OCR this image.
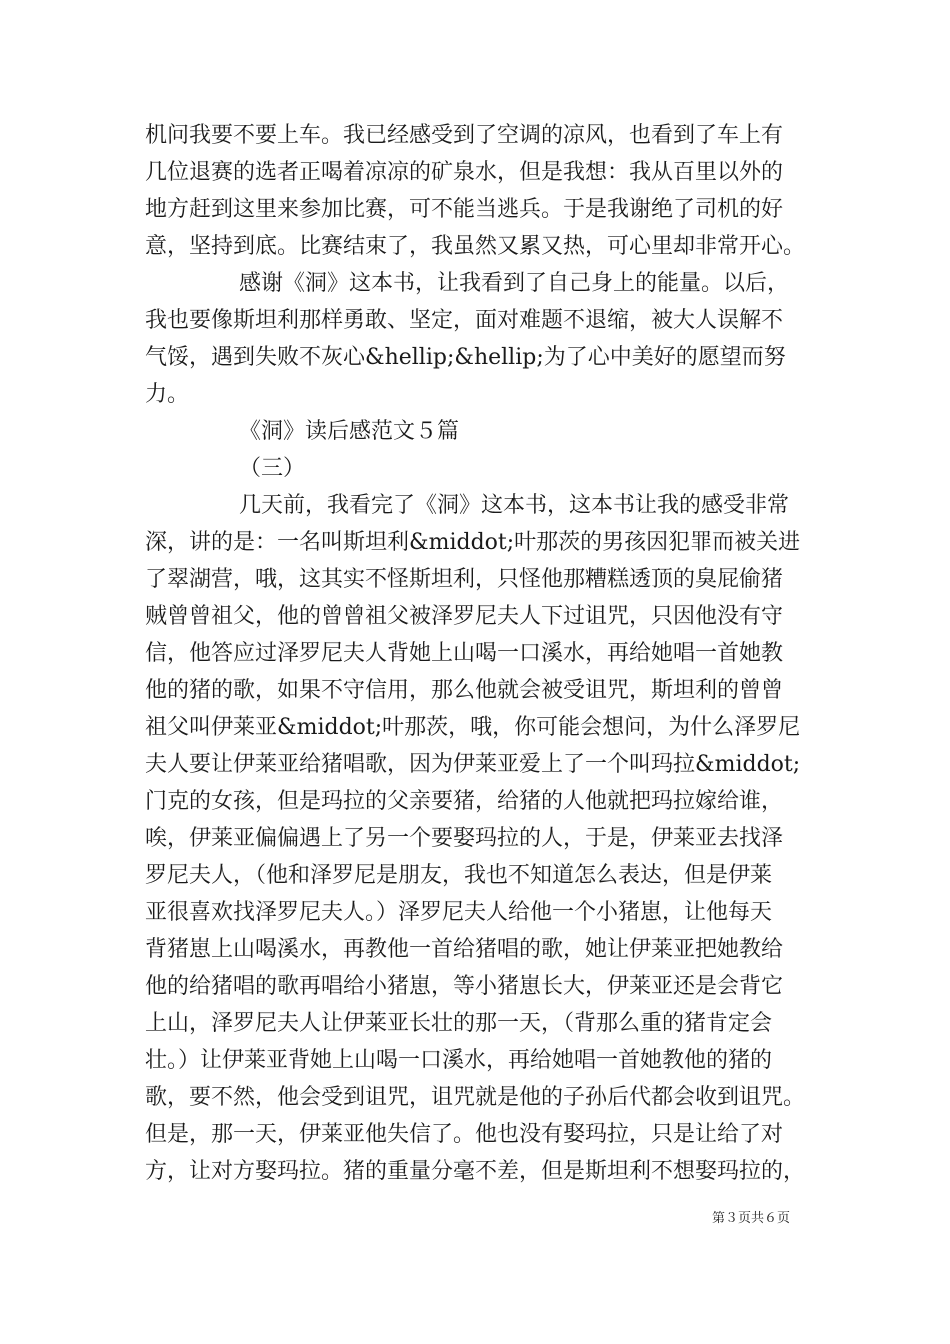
机问我要不要上车。我已经感受到了空调的凉风，也看到了车上有
几位退赛的选者正喝着凉凉的矿泉水，但是我想：我从百里以外的
地方赶到这里来参加比赛，可不能当逃兵。于是我谢绝了司机的好
意，坚持到底。比赛结束了，我虽然又累又热，可心里却非常开心。
感谢《洞》这本书，让我看到了自己身上的能量。以后，
我也要像斯坦利那样勇敢、坚定，面对难题不退缩，被大人误解不
气馁，遇到失败不灰心&hellip;&hellip;为了心中美好的愿望而努
力。
《洞》读后感范文５篇
（三）
几天前，我看完了《洞》这本书，这本书让我的感受非常
深，讲的是：一名叫斯坦利&middot;叶那茨的男孩因犯罪而被关进
了翠湖营，哦，这其实不怪斯坦利，只怪他那糟糕透顶的臭屁偷猪
贼曾曾祖父，他的曾曾祖父被泽罗尼夫人下过诅咒，只因他没有守
信，他答应过泽罗尼夫人背她上山喝一口溪水，再给她唱一首她教
他的猪的歌，如果不守信用，那么他就会被受诅咒，斯坦利的曾曾
祖父叫伊莱亚&middot;叶那茨，哦，你可能会想问，为什么泽罗尼
夫人要让伊莱亚给猪唱歌，因为伊莱亚爱上了一个叫玛拉&middot;
门克的女孩，但是玛拉的父亲要猪，给猪的人他就把玛拉嫁给谁，
唉，伊莱亚偏偏遇上了另一个要娶玛拉的人，于是，伊莱亚去找泽
罗尼夫人，（他和泽罗尼是朋友，我也不知道怎么表达，但是伊莱
亚很喜欢找泽罗尼夫人。）泽罗尼夫人给他一个小猪崽，让他每天
背猪崽上山喝溪水，再教他一首给猪唱的歌，她让伊莱亚把她教给
他的给猪唱的歌再唱给小猪崽，等小猪崽长大，伊莱亚还是会背它
上山，泽罗尼夫人让伊莱亚长壮的那一天，（背那么重的猪肯定会
壮。）让伊莱亚背她上山喝一口溪水，再给她唱一首她教他的猪的
歌，要不然，他会受到诅咒，诅咒就是他的子孙后代都会收到诅咒。
但是，那一天，伊莱亚他失信了。他也没有娶玛拉，只是让给了对
方，让对方娶玛拉。猪的重量分毫不差，但是斯坦利不想娶玛拉的，
第３页共６页
